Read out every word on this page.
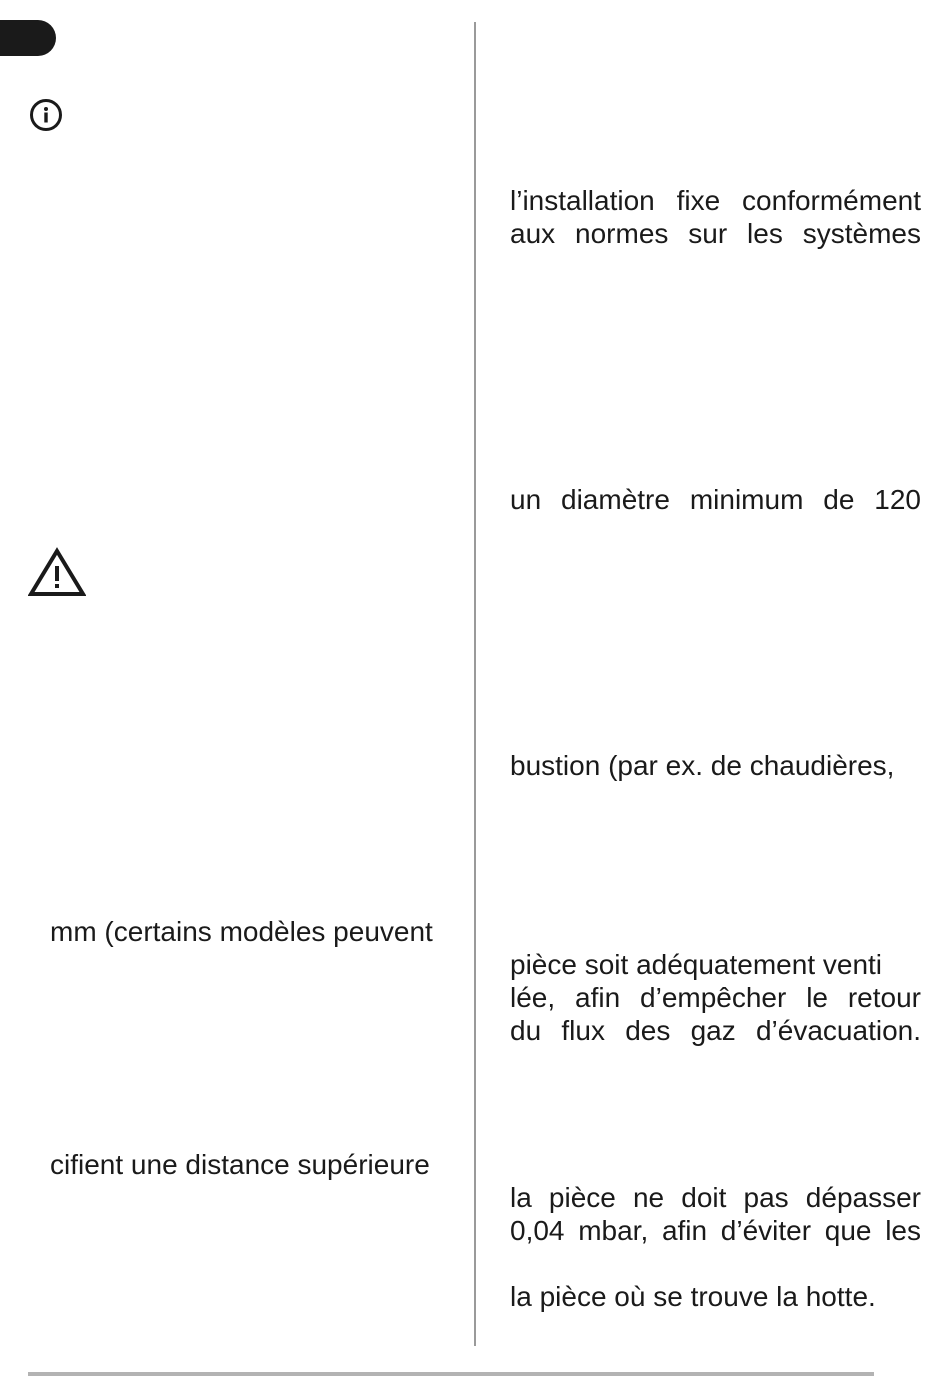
l’installation fixe conformément

aux normes sur les systèmes

un diamètre minimum de 120

bustion (par ex. de chaudières,

pièce soit adéquatement venti

lée, afin d’empêcher le retour

du flux des gaz d’évacuation.

la pièce ne doit pas dépasser

0,04 mbar, afin d’éviter que les

la pièce où se trouve la hotte.

mm (certains modèles peuvent

cifient une distance supérieure
